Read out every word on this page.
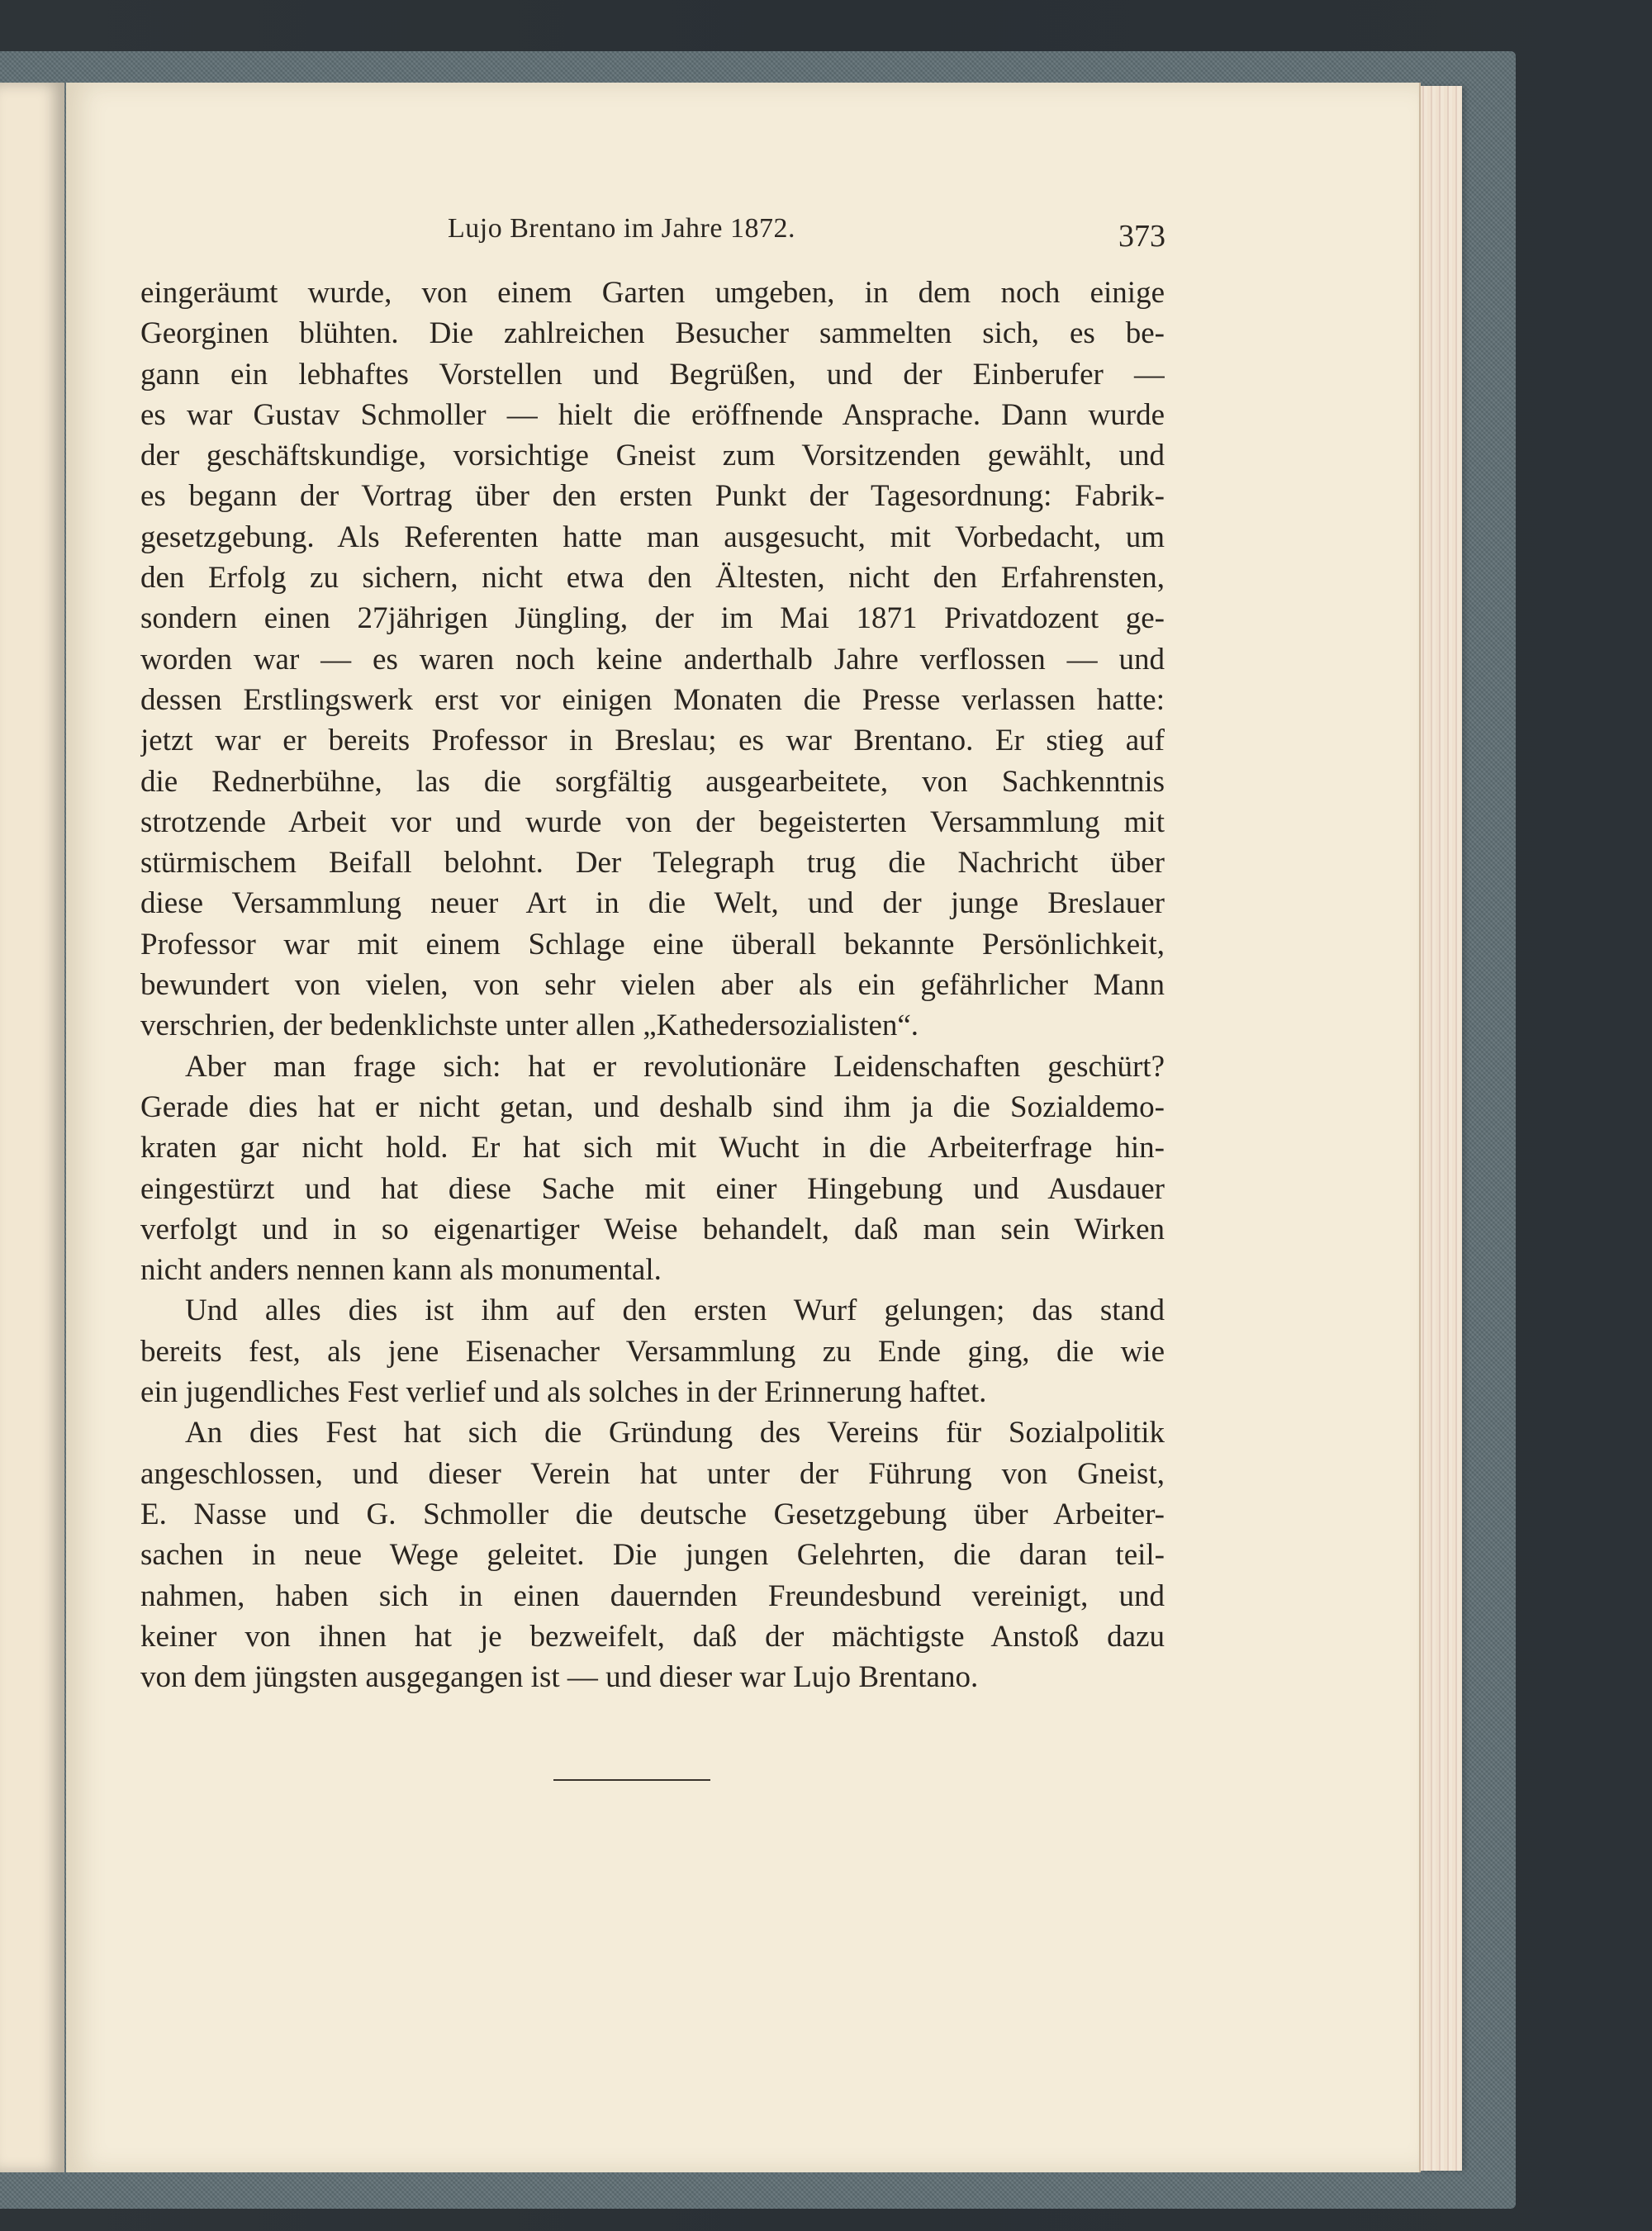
Lujo Brentano im Jahre 1872.	373
eingeräumt wurde, von einem Garten umgeben, in dem noch einige
Georginen blühten. Die zahlreichen Besucher sammelten sich, es be-
gann ein lebhaftes Vorstellen und Begrüßen, und der Einberufer —
es war Gustav Schmoller — hielt die eröffnende Ansprache. Dann wurde
der geschäftskundige, vorsichtige Gneist zum Vorsitzenden gewählt, und
es begann der Vortrag über den ersten Punkt der Tagesordnung: Fabrik-
gesetzgebung. Als Referenten hatte man ausgesucht, mit Vorbedacht, um
den Erfolg zu sichern, nicht etwa den Ältesten, nicht den Erfahrensten,
sondern einen 27jährigen Jüngling, der im Mai 1871 Privatdozent ge-
worden war — es waren noch keine anderthalb Jahre verflossen — und
dessen Erstlingswerk erst vor einigen Monaten die Presse verlassen hatte:
jetzt war er bereits Professor in Breslau; es war Brentano. Er stieg auf
die Rednerbühne, las die sorgfältig ausgearbeitete, von Sachkenntnis
strotzende Arbeit vor und wurde von der begeisterten Versammlung mit
stürmischem Beifall belohnt. Der Telegraph trug die Nachricht über
diese Versammlung neuer Art in die Welt, und der junge Breslauer
Professor war mit einem Schlage eine überall bekannte Persönlichkeit,
bewundert von vielen, von sehr vielen aber als ein gefährlicher Mann
verschrien, der bedenklichste unter allen „Kathedersozialisten“.
Aber man frage sich: hat er revolutionäre Leidenschaften geschürt?
Gerade dies hat er nicht getan, und deshalb sind ihm ja die Sozialdemo-
kraten gar nicht hold. Er hat sich mit Wucht in die Arbeiterfrage hin-
eingestürzt und hat diese Sache mit einer Hingebung und Ausdauer
verfolgt und in so eigenartiger Weise behandelt, daß man sein Wirken
nicht anders nennen kann als monumental.
Und alles dies ist ihm auf den ersten Wurf gelungen; das stand
bereits fest, als jene Eisenacher Versammlung zu Ende ging, die wie
ein jugendliches Fest verlief und als solches in der Erinnerung haftet.
An dies Fest hat sich die Gründung des Vereins für Sozialpolitik
angeschlossen, und dieser Verein hat unter der Führung von Gneist,
E. Nasse und G. Schmoller die deutsche Gesetzgebung über Arbeiter-
sachen in neue Wege geleitet. Die jungen Gelehrten, die daran teil-
nahmen, haben sich in einen dauernden Freundesbund vereinigt, und
keiner von ihnen hat je bezweifelt, daß der mächtigste Anstoß dazu
von dem jüngsten ausgegangen ist — und dieser war Lujo Brentano.
